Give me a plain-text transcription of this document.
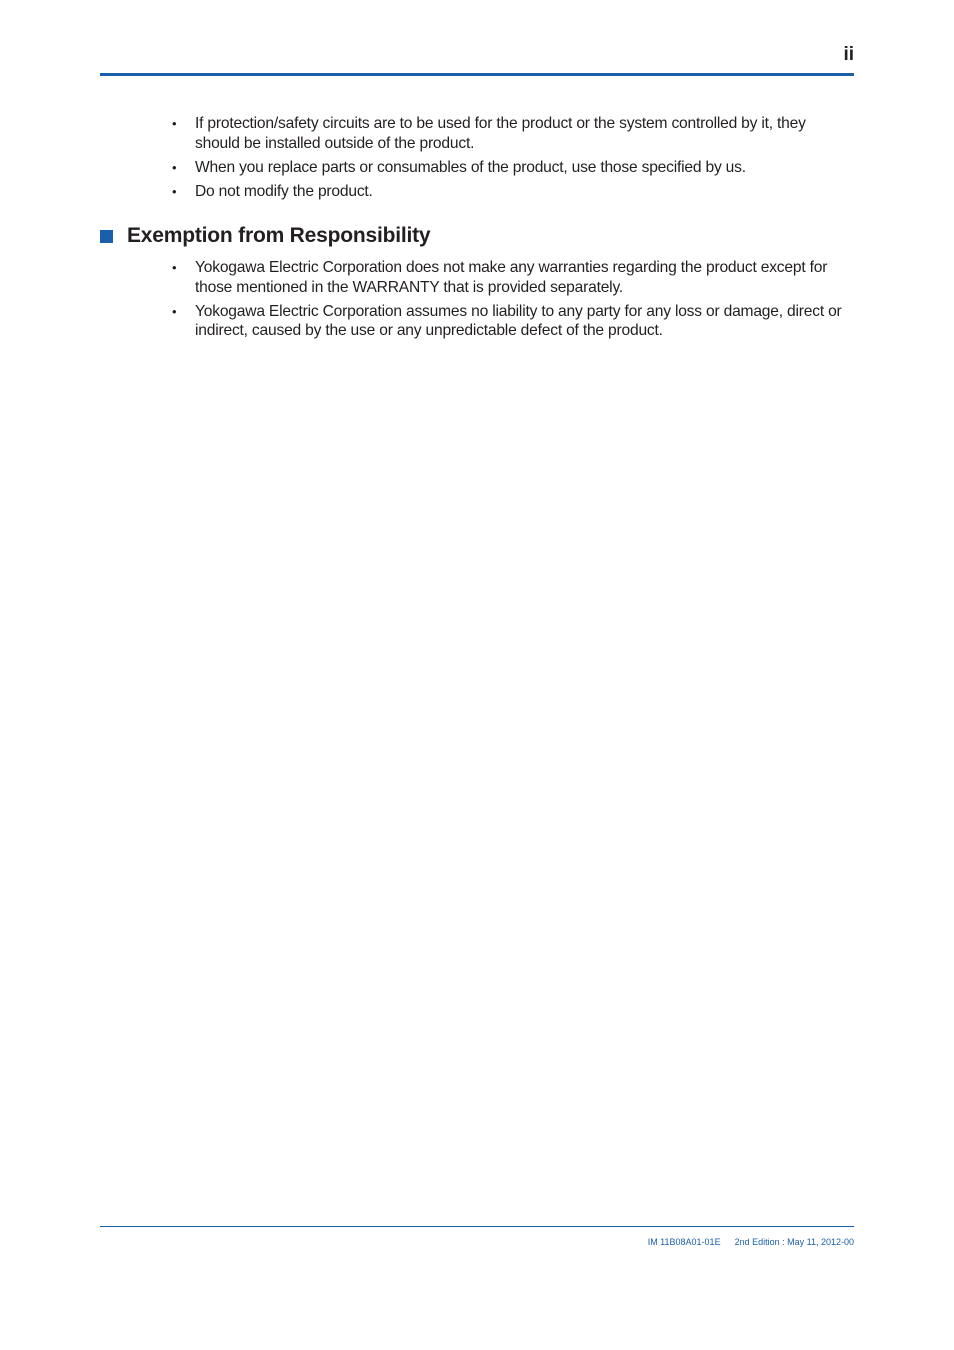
ii
• If protection/safety circuits are to be used for the product or the system controlled by it, they should be installed outside of the product.
• When you replace parts or consumables of the product, use those specified by us.
• Do not modify the product.
Exemption from Responsibility
• Yokogawa Electric Corporation does not make any warranties regarding the product except for those mentioned in the WARRANTY that is provided separately.
• Yokogawa Electric Corporation assumes no liability to any party for any loss or damage, direct or indirect, caused by the use or any unpredictable defect of the product.
IM 11B08A01-01E 2nd Edition : May 11, 2012-00
